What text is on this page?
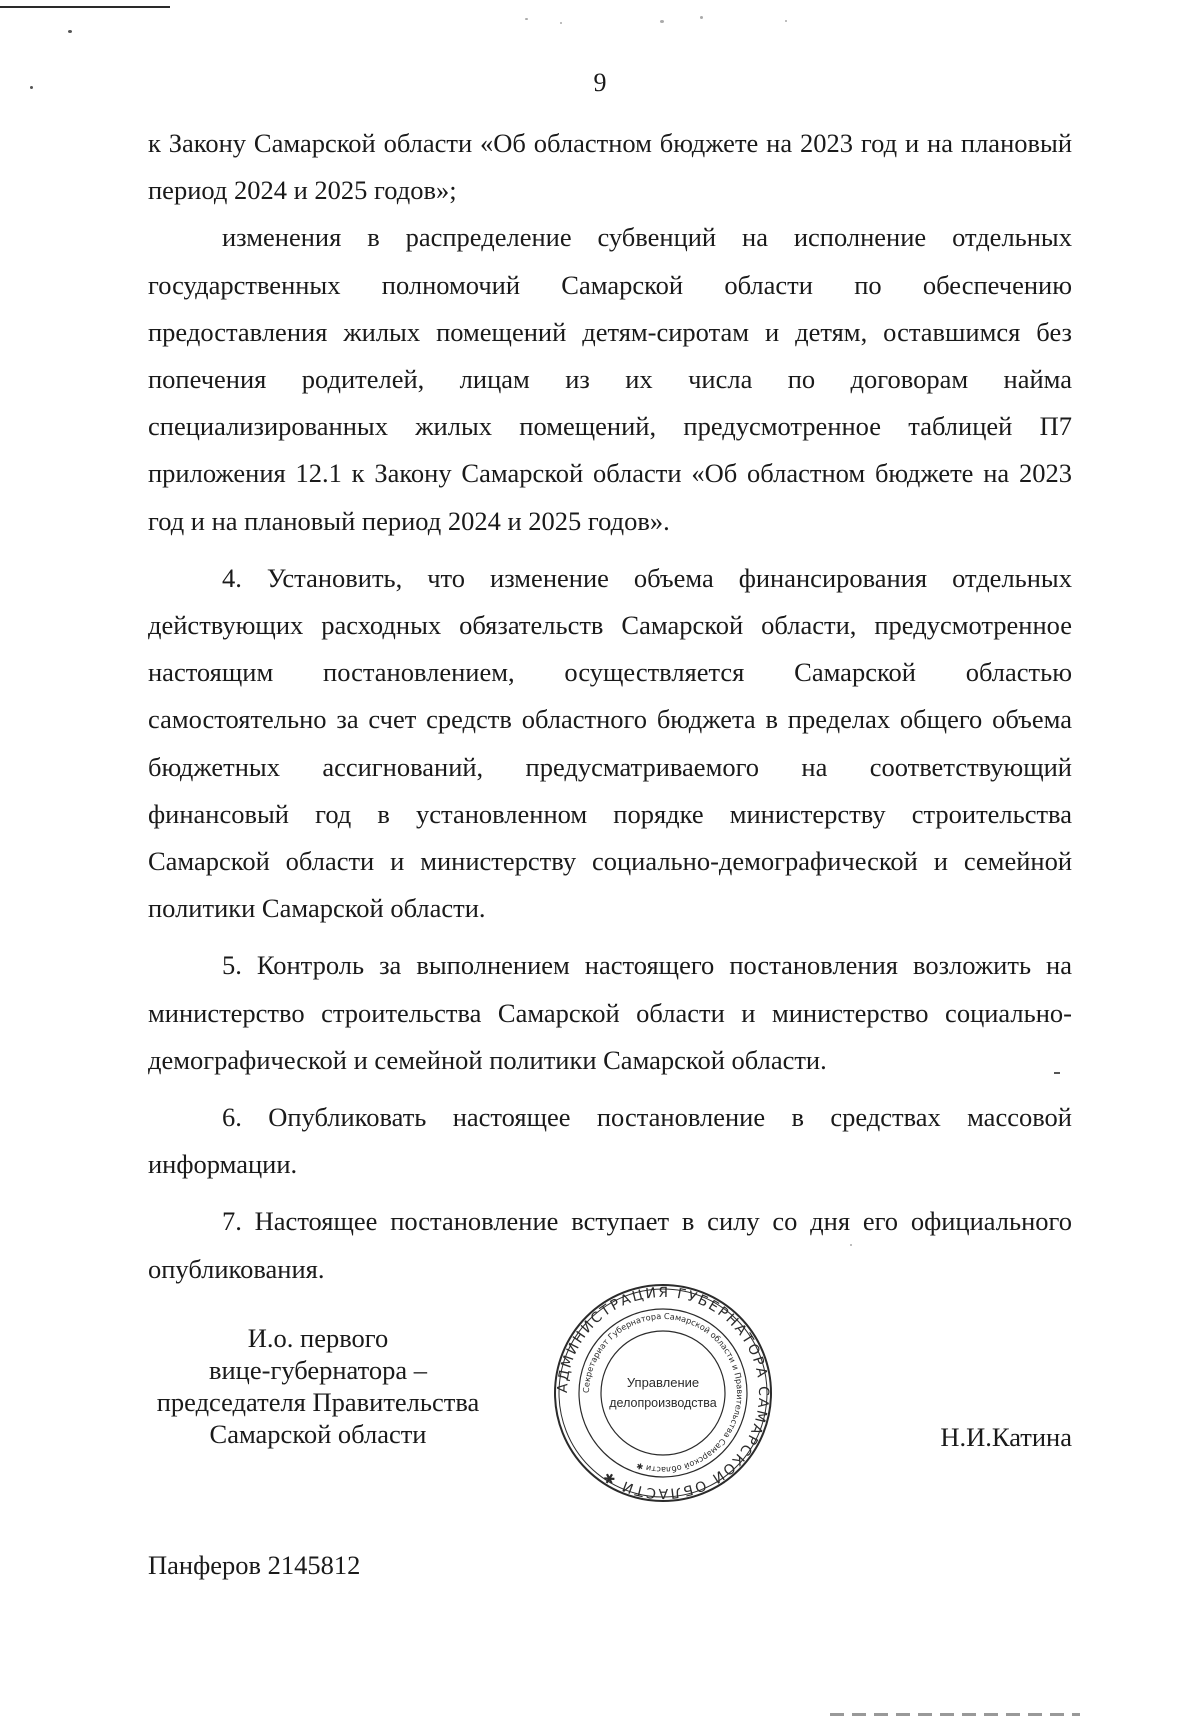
9

к Закону Самарской области «Об областном бюджете на 2023 год и на плановый период 2024 и 2025 годов»;

изменения в распределение субвенций на исполнение отдельных государственных полномочий Самарской области по обеспечению предоставления жилых помещений детям-сиротам и детям, оставшимся без попечения родителей, лицам из их числа по договорам найма специализированных жилых помещений, предусмотренное таблицей П7 приложения 12.1 к Закону Самарской области «Об областном бюджете на 2023 год и на плановый период 2024 и 2025 годов».

4. Установить, что изменение объема финансирования отдельных действующих расходных обязательств Самарской области, предусмотренное настоящим постановлением, осуществляется Самарской областью самостоятельно за счет средств областного бюджета в пределах общего объема бюджетных ассигнований, предусматриваемого на соответствующий финансовый год в установленном порядке министерству строительства Самарской области и министерству социально-демографической и семейной политики Самарской области.

5. Контроль за выполнением настоящего постановления возложить на министерство строительства Самарской области и министерство социально-демографической и семейной политики Самарской области.

6. Опубликовать настоящее постановление в средствах массовой информации.

7. Настоящее постановление вступает в силу со дня его официального опубликования.

И.о. первого
вице-губернатора –
председателя Правительства
Самарской области
АДМИНИСТРАЦИЯ ГУБЕРНАТОРА САМАРСКОЙ ОБЛАСТИ ✱
Секретариат Губернатора Самарской области и Правительства Самарской области ✱
Управление
делопроизводства
Н.И.Катина
Панферов 2145812
